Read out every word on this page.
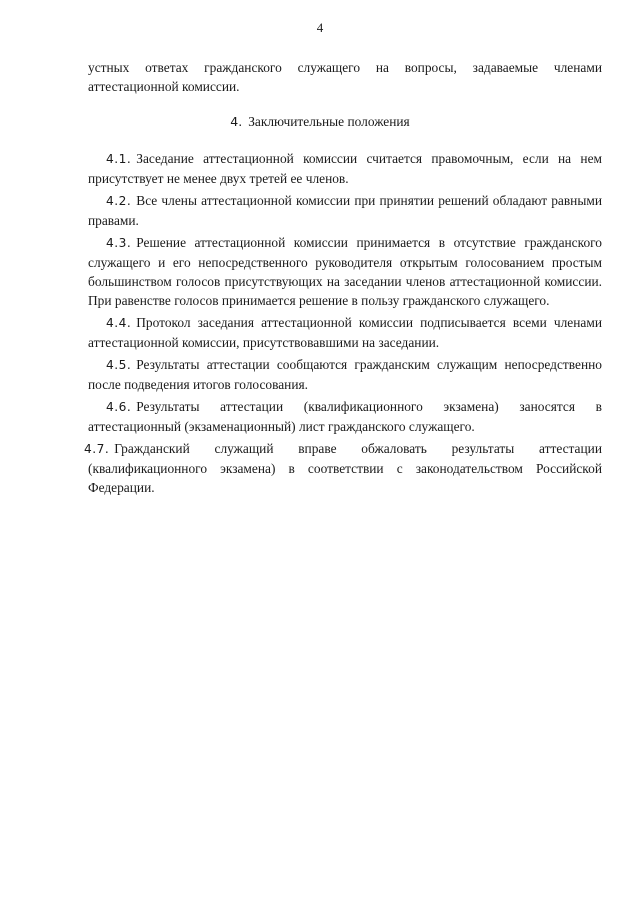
4
устных ответах гражданского служащего на вопросы, задаваемые членами аттестационной комиссии.
4. Заключительные положения

4.1. Заседание аттестационной комиссии считается правомочным, если на нем присутствует не менее двух третей ее членов.

4.2. Все члены аттестационной комиссии при принятии решений обладают равными правами.

4.3. Решение аттестационной комиссии принимается в отсутствие гражданского служащего и его непосредственного руководителя открытым голосованием простым большинством голосов присутствующих на заседании членов аттестационной комиссии. При равенстве голосов принимается решение в пользу гражданского служащего.

4.4. Протокол заседания аттестационной комиссии подписывается всеми членами аттестационной комиссии, присутствовавшими на заседании.

4.5. Результаты аттестации сообщаются гражданским служащим непосредственно после подведения итогов голосования.

4.6. Результаты аттестации (квалификационного экзамена) заносятся в аттестационный (экзаменационный) лист гражданского служащего.

4.7. Гражданский служащий вправе обжаловать результаты аттестации (квалификационного экзамена) в соответствии с законодательством Российской Федерации.
